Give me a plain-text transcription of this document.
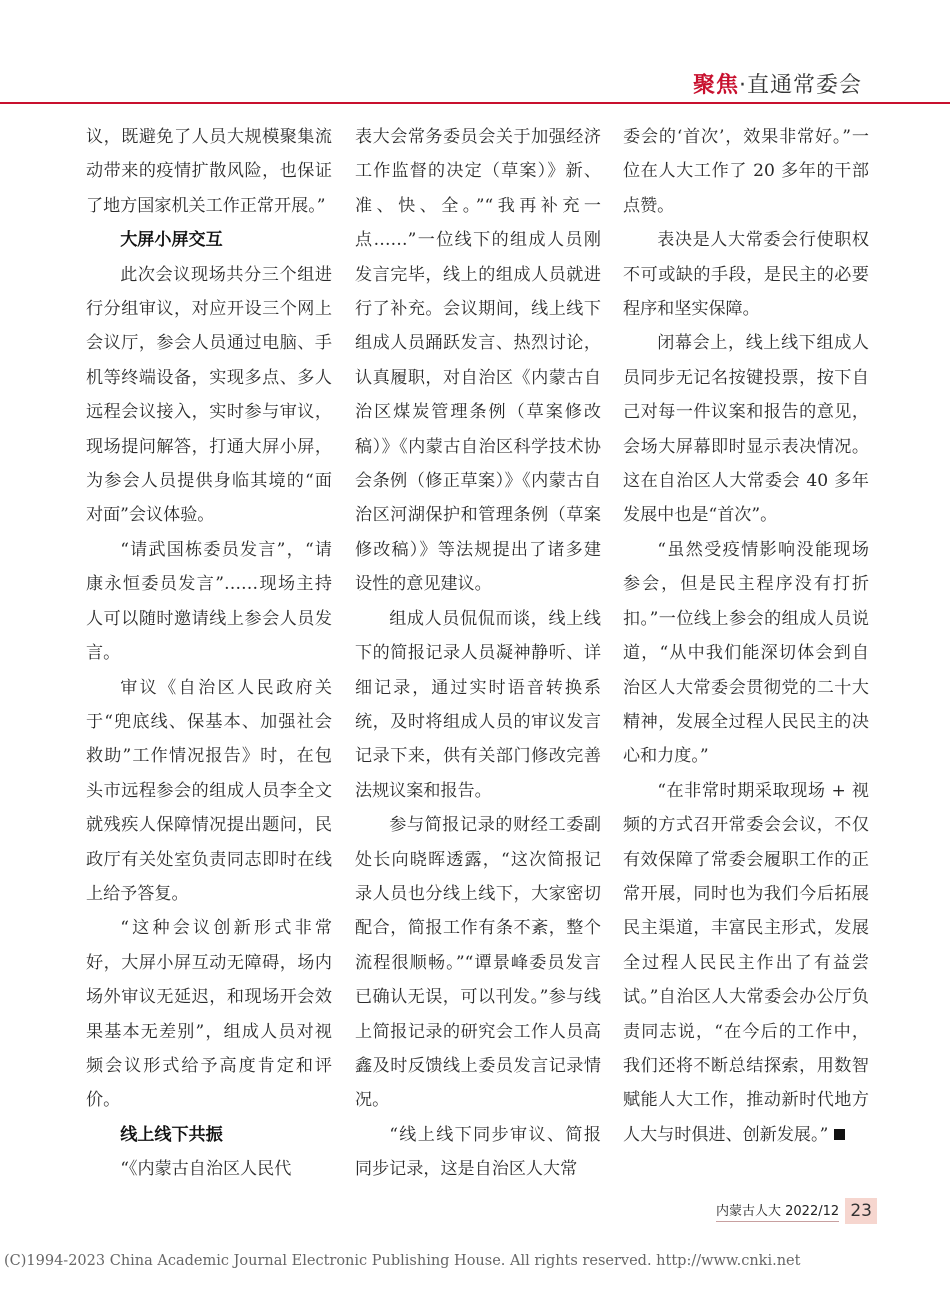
聚焦·直通常委会

议，既避免了人员大规模聚集流动带来的疫情扩散风险，也保证了地方国家机关工作正常开展。”

大屏小屏交互

此次会议现场共分三个组进行分组审议，对应开设三个网上会议厅，参会人员通过电脑、手机等终端设备，实现多点、多人远程会议接入，实时参与审议，现场提问解答，打通大屏小屏，为参会人员提供身临其境的“面对面”会议体验。

“请武国栋委员发言”，“请康永恒委员发言”……现场主持人可以随时邀请线上参会人员发言。

审议《自治区人民政府关于“兜底线、保基本、加强社会救助”工作情况报告》时，在包头市远程参会的组成人员李全文就残疾人保障情况提出题问，民政厅有关处室负责同志即时在线上给予答复。

“这种会议创新形式非常好，大屏小屏互动无障碍，场内场外审议无延迟，和现场开会效果基本无差别”，组成人员对视频会议形式给予高度肯定和评价。

线上线下共振

“《内蒙古自治区人民代

表大会常务委员会关于加强经济工作监督的决定（草案）》新、准、快、全。”“我再补充一点……”一位线下的组成人员刚发言完毕，线上的组成人员就进行了补充。会议期间，线上线下组成人员踊跃发言、热烈讨论，认真履职，对自治区《内蒙古自治区煤炭管理条例（草案修改稿）》《内蒙古自治区科学技术协会条例（修正草案）》《内蒙古自治区河湖保护和管理条例（草案修改稿）》等法规提出了诸多建设性的意见建议。

组成人员侃侃而谈，线上线下的简报记录人员凝神静听、详细记录，通过实时语音转换系统，及时将组成人员的审议发言记录下来，供有关部门修改完善法规议案和报告。

参与简报记录的财经工委副处长向晓晖透露，“这次简报记录人员也分线上线下，大家密切配合，简报工作有条不紊，整个流程很顺畅。”“谭景峰委员发言已确认无误，可以刊发。”参与线上简报记录的研究会工作人员高鑫及时反馈线上委员发言记录情况。

“线上线下同步审议、简报同步记录，这是自治区人大常

委会的‘首次’，效果非常好。”一位在人大工作了 20 多年的干部点赞。

表决是人大常委会行使职权不可或缺的手段，是民主的必要程序和坚实保障。

闭幕会上，线上线下组成人员同步无记名按键投票，按下自己对每一件议案和报告的意见，会场大屏幕即时显示表决情况。这在自治区人大常委会 40 多年发展中也是“首次”。

“虽然受疫情影响没能现场参会，但是民主程序没有打折扣。”一位线上参会的组成人员说道，“从中我们能深切体会到自治区人大常委会贯彻党的二十大精神，发展全过程人民民主的决心和力度。”

“在非常时期采取现场 + 视频的方式召开常委会会议，不仅有效保障了常委会履职工作的正常开展，同时也为我们今后拓展民主渠道，丰富民主形式，发展全过程人民民主作出了有益尝试。”自治区人大常委会办公厅负责同志说，“在今后的工作中，我们还将不断总结探索，用数智赋能人大工作，推动新时代地方人大与时俱进、创新发展。”

内蒙古人大 2022/12 23
(C)1994-2023 China Academic Journal Electronic Publishing House. All rights reserved. http://www.cnki.net
